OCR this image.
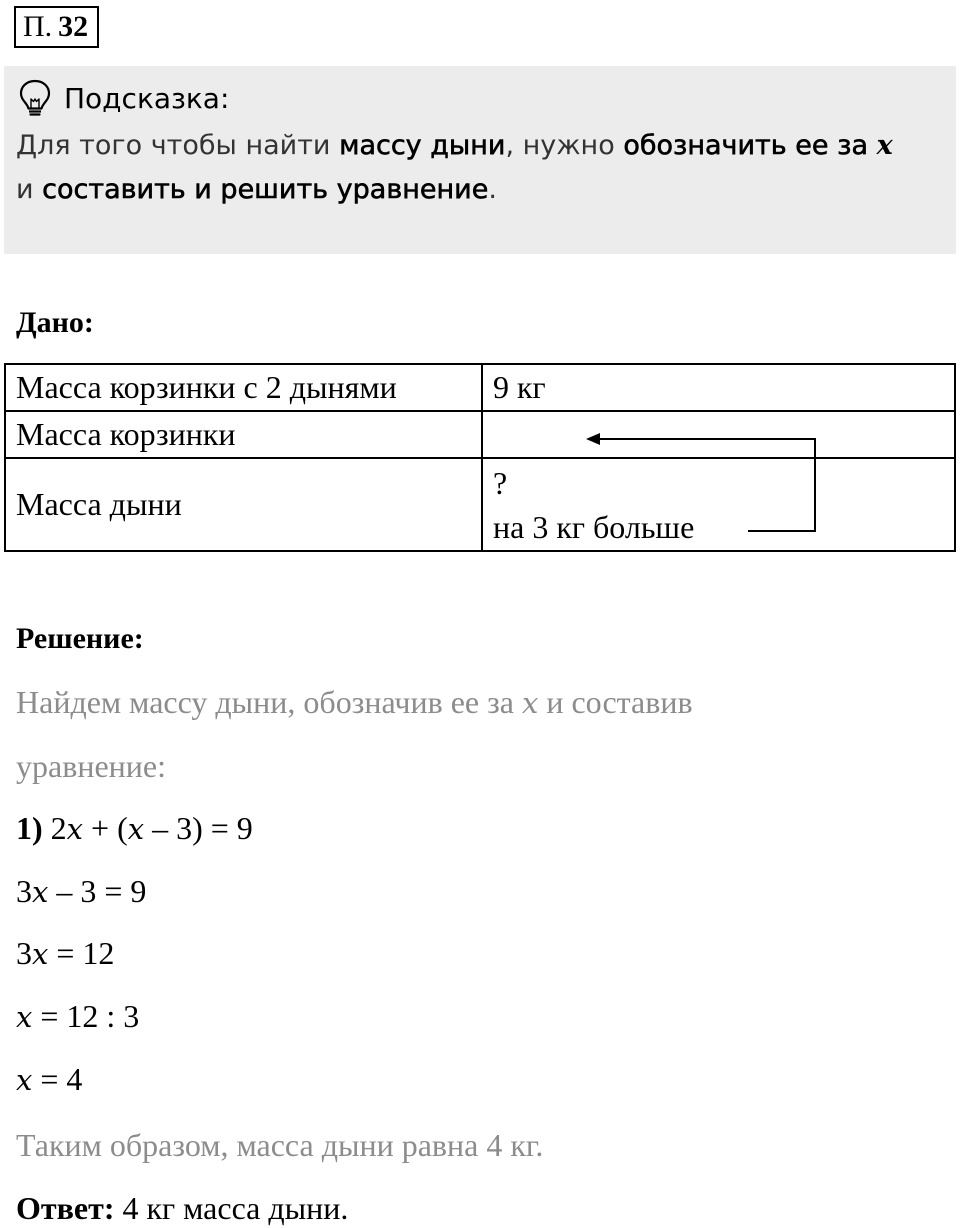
П. 32
Подсказка:
Для того чтобы найти массу дыни, нужно обозначить ее за x
и составить и решить уравнение.
Дано:
Масса корзинки с 2 дынями	9 кг
Масса корзинки	
Масса дыни	?
на 3 кг больше
Решение:
Найдем массу дыни, обозначив ее за x и составив
уравнение:
1) 2x + (x – 3) = 9
3x – 3 = 9
3x = 12
x = 12 : 3
x = 4
Таким образом, масса дыни равна 4 кг.
Ответ: 4 кг масса дыни.
